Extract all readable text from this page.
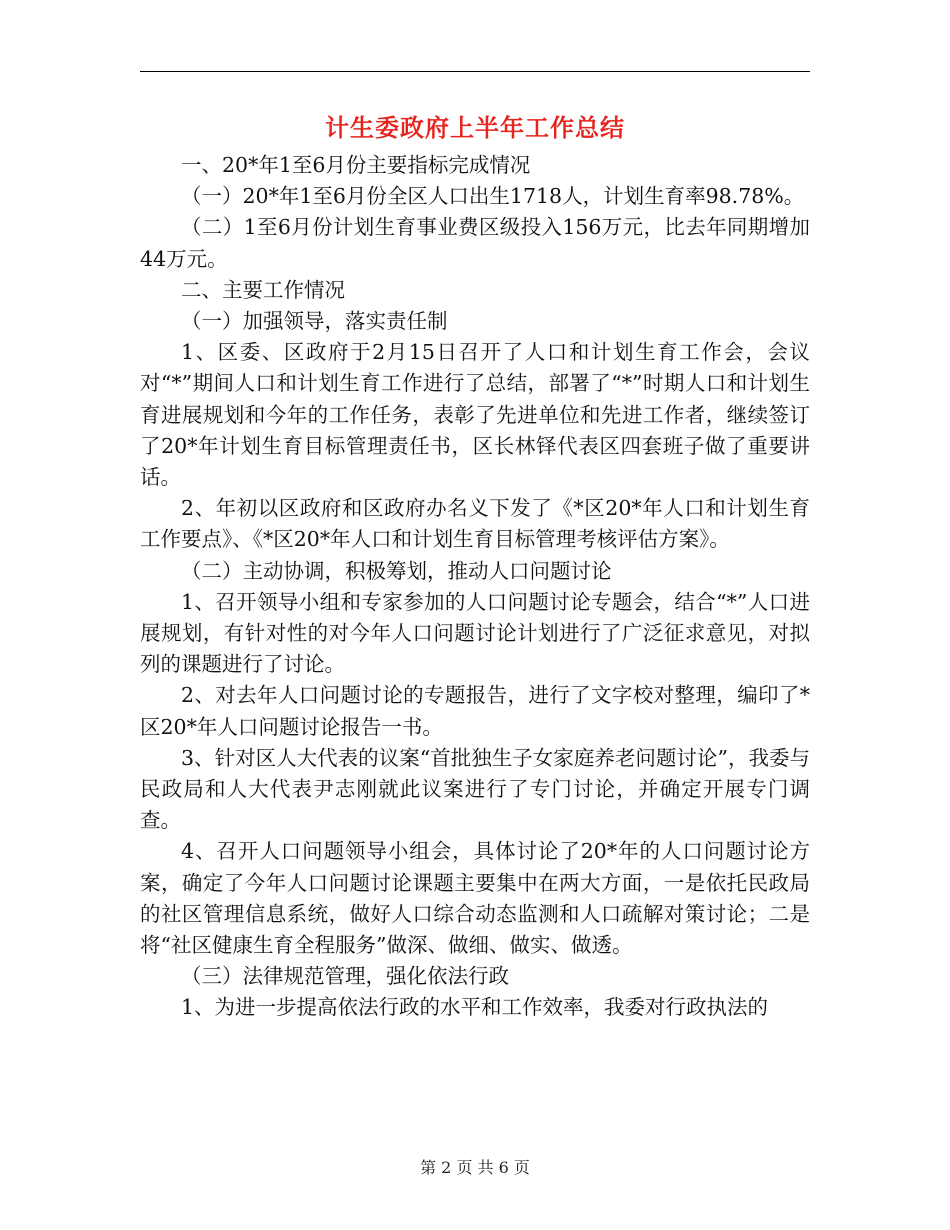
计生委政府上半年工作总结

一、20*年1至6月份主要指标完成情况

（一）20*年1至6月份全区人口出生1718人，计划生育率98.78%。

（二）1至6月份计划生育事业费区级投入156万元，比去年同期增加44万元。

二、主要工作情况

（一）加强领导，落实责任制

1、区委、区政府于2月15日召开了人口和计划生育工作会，会议对“*”期间人口和计划生育工作进行了总结，部署了“*”时期人口和计划生育进展规划和今年的工作任务，表彰了先进单位和先进工作者，继续签订了20*年计划生育目标管理责任书，区长林铎代表区四套班子做了重要讲话。

2、年初以区政府和区政府办名义下发了《*区20*年人口和计划生育工作要点》、《*区20*年人口和计划生育目标管理考核评估方案》。

（二）主动协调，积极筹划，推动人口问题讨论

1、召开领导小组和专家参加的人口问题讨论专题会，结合“*”人口进展规划，有针对性的对今年人口问题讨论计划进行了广泛征求意见，对拟列的课题进行了讨论。

2、对去年人口问题讨论的专题报告，进行了文字校对整理，编印了*区20*年人口问题讨论报告一书。

3、针对区人大代表的议案“首批独生子女家庭养老问题讨论”，我委与民政局和人大代表尹志刚就此议案进行了专门讨论，并确定开展专门调查。

4、召开人口问题领导小组会，具体讨论了20*年的人口问题讨论方案，确定了今年人口问题讨论课题主要集中在两大方面，一是依托民政局的社区管理信息系统，做好人口综合动态监测和人口疏解对策讨论；二是将“社区健康生育全程服务”做深、做细、做实、做透。

（三）法律规范管理，强化依法行政

1、为进一步提高依法行政的水平和工作效率，我委对行政执法的

第 2 页 共 6 页
